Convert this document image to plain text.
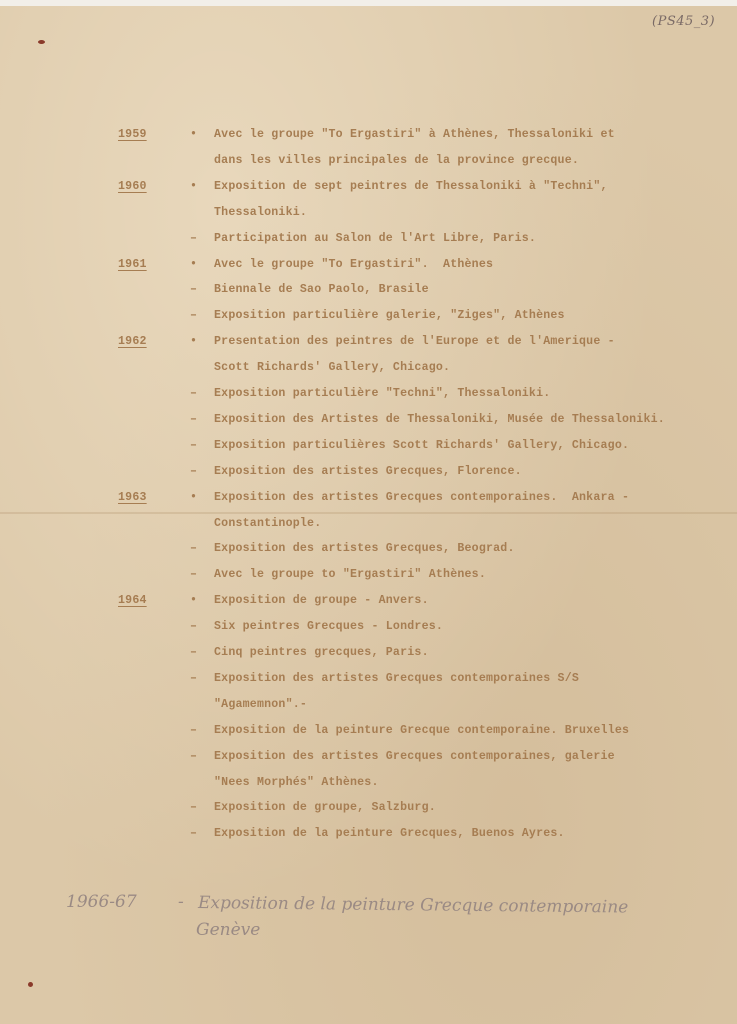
(PS45_3)
1959	• Avec le groupe "To Ergastiri" à Athènes, Thessaloniki et
dans les villes principales de la province grecque.
1960	• Exposition de sept peintres de Thessaloniki à "Techni",
Thessaloniki.
– Participation au Salon de l'Art Libre, Paris.
1961	• Avec le groupe "To Ergastiri".  Athènes
– Biennale de Sao Paolo, Brasile
– Exposition particulière galerie, "Ziges", Athènes
1962	• Presentation des peintres de l'Europe et de l'Amerique -
Scott Richards' Gallery, Chicago.
– Exposition particulière "Techni", Thessaloniki.
– Exposition des Artistes de Thessaloniki, Musée de Thessaloniki.
– Exposition particulières Scott Richards' Gallery, Chicago.
– Exposition des artistes Grecques, Florence.
1963	• Exposition des artistes Grecques contemporaines.  Ankara -
Constantinople.
– Exposition des artistes Grecques, Beograd.
– Avec le groupe to "Ergastiri" Athènes.
1964	• Exposition de groupe - Anvers.
– Six peintres Grecques - Londres.
– Cinq peintres grecques, Paris.
– Exposition des artistes Grecques contemporaines S/S
"Agamemnon".-
– Exposition de la peinture Grecque contemporaine. Bruxelles
– Exposition des artistes Grecques contemporaines, galerie
"Nees Morphés" Athènes.
– Exposition de groupe, Salzburg.
– Exposition de la peinture Grecques, Buenos Ayres.
1966-67 - Exposition de la peinture Grecque contemporaine
Genève
